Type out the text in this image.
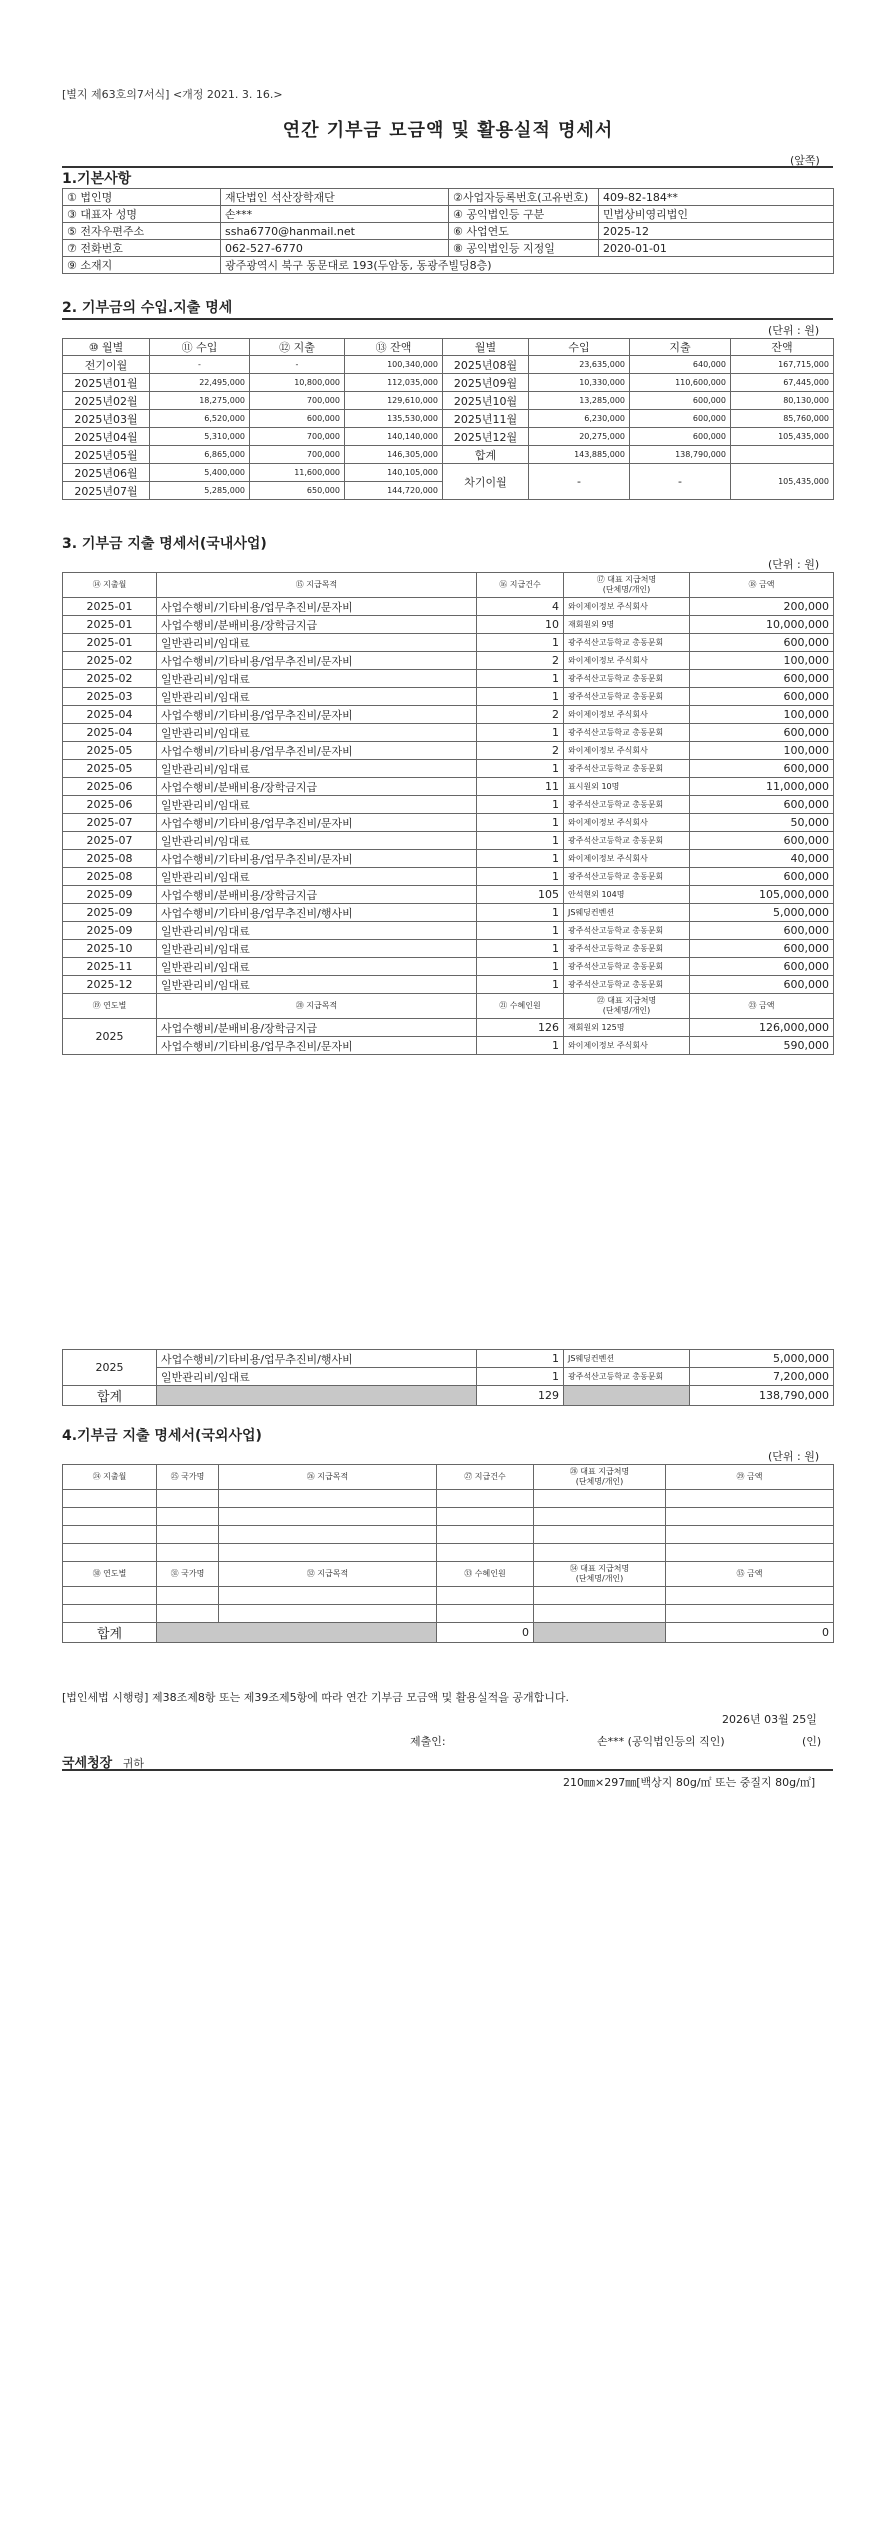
[별지 제63호의7서식] <개정 2021. 3. 16.>
연간 기부금 모금액 및 활용실적 명세서
(앞쪽)
1.기본사항
① 법인명	재단법인 석산장학재단	②사업자등록번호(고유번호)	409-82-184**
③ 대표자 성명	손***	④ 공익법인등 구분	민법상비영리법인
⑤ 전자우편주소	ssha6770@hanmail.net	⑥ 사업연도	2025-12
⑦ 전화번호	062-527-6770	⑧ 공익법인등 지정일	2020-01-01
⑨ 소재지	광주광역시 북구 동문대로 193(두암동, 동광주빌딩8층)		
2. 기부금의 수입.지출 명세
(단위 : 원)
⑩ 월별	⑪ 수입	⑫ 지출	⑬ 잔액	월별	수입	지출	잔액
전기이월	-	-	100,340,000	2025년08월	23,635,000	640,000	167,715,000
2025년01월	22,495,000	10,800,000	112,035,000	2025년09월	10,330,000	110,600,000	67,445,000
2025년02월	18,275,000	700,000	129,610,000	2025년10월	13,285,000	600,000	80,130,000
2025년03월	6,520,000	600,000	135,530,000	2025년11월	6,230,000	600,000	85,760,000
2025년04월	5,310,000	700,000	140,140,000	2025년12월	20,275,000	600,000	105,435,000
2025년05월	6,865,000	700,000	146,305,000	합계	143,885,000	138,790,000	
2025년06월	5,400,000	11,600,000	140,105,000	차기이월	-	-	105,435,000
2025년07월	5,285,000	650,000	144,720,000				
3. 기부금 지출 명세서(국내사업)
(단위 : 원)
⑭ 지출월	⑮ 지급목적	⑯ 지급건수	⑰ 대표 지급처명
(단체명/개인)	⑱ 금액
2025-01	사업수행비/기타비용/업무추진비/문자비	4	와이제이정보 주식회사	200,000
2025-01	사업수행비/분배비용/장학금지급	10	재회원외 9명	10,000,000
2025-01	일반관리비/임대료	1	광주석산고등학교 총동문회	600,000
2025-02	사업수행비/기타비용/업무추진비/문자비	2	와이제이정보 주식회사	100,000
2025-02	일반관리비/임대료	1	광주석산고등학교 총동문회	600,000
2025-03	일반관리비/임대료	1	광주석산고등학교 총동문회	600,000
2025-04	사업수행비/기타비용/업무추진비/문자비	2	와이제이정보 주식회사	100,000
2025-04	일반관리비/임대료	1	광주석산고등학교 총동문회	600,000
2025-05	사업수행비/기타비용/업무추진비/문자비	2	와이제이정보 주식회사	100,000
2025-05	일반관리비/임대료	1	광주석산고등학교 총동문회	600,000
2025-06	사업수행비/분배비용/장학금지급	11	표시원외 10명	11,000,000
2025-06	일반관리비/임대료	1	광주석산고등학교 총동문회	600,000
2025-07	사업수행비/기타비용/업무추진비/문자비	1	와이제이정보 주식회사	50,000
2025-07	일반관리비/임대료	1	광주석산고등학교 총동문회	600,000
2025-08	사업수행비/기타비용/업무추진비/문자비	1	와이제이정보 주식회사	40,000
2025-08	일반관리비/임대료	1	광주석산고등학교 총동문회	600,000
2025-09	사업수행비/분배비용/장학금지급	105	안석현외 104명	105,000,000
2025-09	사업수행비/기타비용/업무추진비/행사비	1	JS웨딩컨벤션	5,000,000
2025-09	일반관리비/임대료	1	광주석산고등학교 총동문회	600,000
2025-10	일반관리비/임대료	1	광주석산고등학교 총동문회	600,000
2025-11	일반관리비/임대료	1	광주석산고등학교 총동문회	600,000
2025-12	일반관리비/임대료	1	광주석산고등학교 총동문회	600,000
⑲ 연도별	⑳ 지급목적	㉑ 수혜인원	㉒ 대표 지급처명
(단체명/개인)	㉓ 금액
2025	사업수행비/분배비용/장학금지급	126	재회원외 125명	126,000,000
	사업수행비/기타비용/업무추진비/문자비	1	와이제이정보 주식회사	590,000
2025	사업수행비/기타비용/업무추진비/행사비	1	JS웨딩컨벤션	5,000,000
	일반관리비/임대료	1	광주석산고등학교 총동문회	7,200,000
합계		129		138,790,000
4.기부금 지출 명세서(국외사업)
(단위 : 원)
㉔ 지출월	㉕ 국가명	㉖ 지급목적	㉗ 지급건수	㉘ 대표 지급처명
(단체명/개인)	㉙ 금액

㉚ 연도별	㉛ 국가명	㉜ 지급목적	㉝ 수혜인원	㉞ 대표 지급처명
(단체명/개인)	㉟ 금액

합계			0		0
[법인세법 시행령] 제38조제8항 또는 제39조제5항에 따라 연간 기부금 모금액 및 활용실적을 공개합니다.
2026년 03월 25일
제출인:	손*** (공익법인등의 직인)	(인)
국세청장 귀하
210㎜×297㎜[백상지 80g/㎡ 또는 중질지 80g/㎡]
